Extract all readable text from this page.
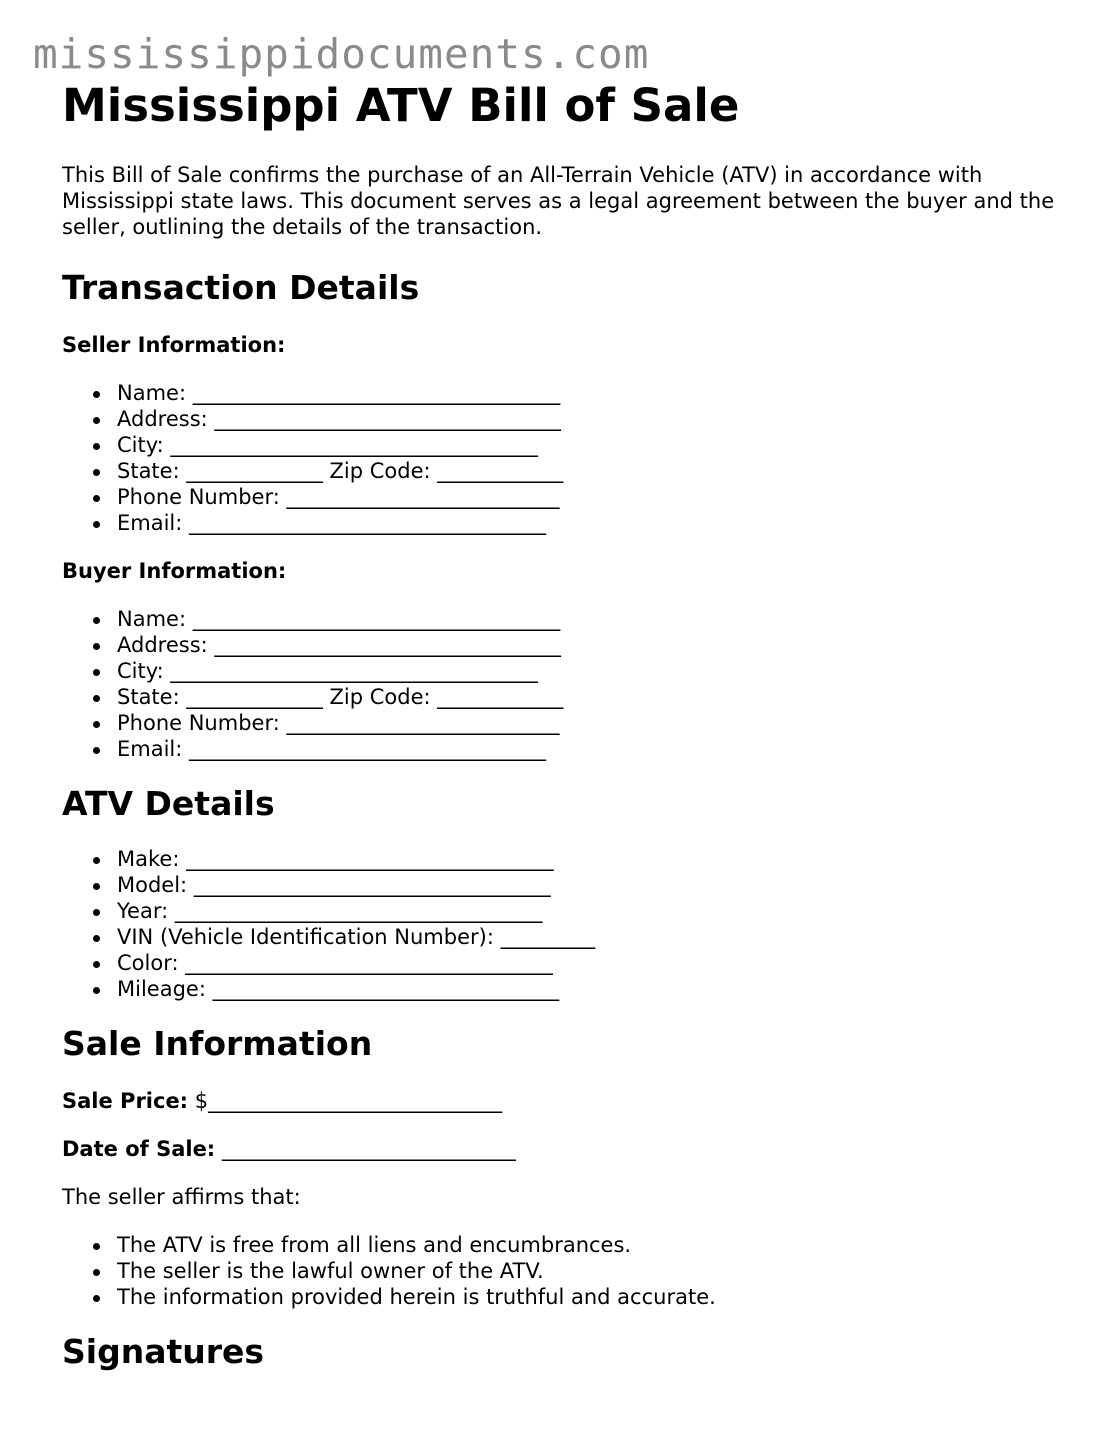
mississippidocuments.com
Mississippi ATV Bill of Sale

This Bill of Sale confirms the purchase of an All-Terrain Vehicle (ATV) in accordance with Mississippi state laws. This document serves as a legal agreement between the buyer and the seller, outlining the details of the transaction.

Transaction Details
Seller Information:
Name: ___________________________________
Address: _________________________________
City: ___________________________________
State: _____________ Zip Code: ____________
Phone Number: __________________________
Email: __________________________________
Buyer Information:
Name: ___________________________________
Address: _________________________________
City: ___________________________________
State: _____________ Zip Code: ____________
Phone Number: __________________________
Email: __________________________________
ATV Details
Make: ___________________________________
Model: __________________________________
Year: ___________________________________
VIN (Vehicle Identification Number): _________
Color: ___________________________________
Mileage: _________________________________
Sale Information
Sale Price: $____________________________
Date of Sale: ____________________________
The seller affirms that:
The ATV is free from all liens and encumbrances.
The seller is the lawful owner of the ATV.
The information provided herein is truthful and accurate.
Signatures
